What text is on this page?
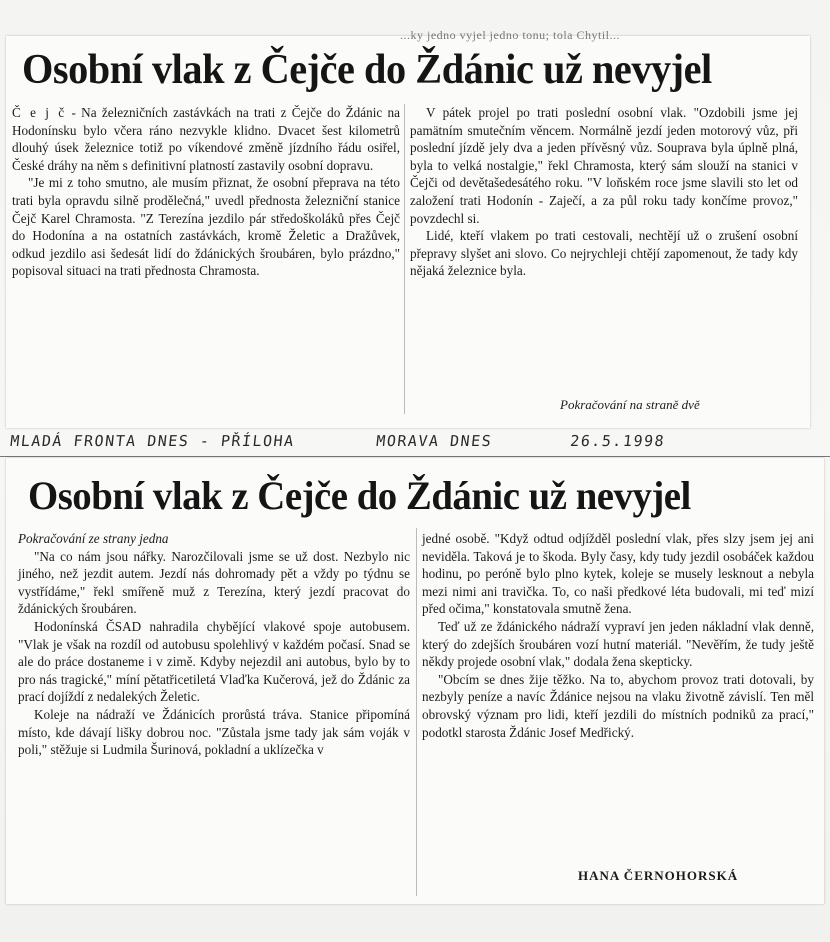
...ky jedno vyjel jedno tonu; tola Chytil...
Osobní vlak z Čejče do Ždánic už nevyjel

Č e j č - Na železničních zastávkách na trati z Čejče do Ždánic na Hodonínsku bylo včera ráno nezvykle klidno. Dvacet šest kilometrů dlouhý úsek železnice totiž po víkendové změně jízdního řádu osiřel, České dráhy na něm s definitivní platností zastavily osobní dopravu.

"Je mi z toho smutno, ale musím přiznat, že osobní přeprava na této trati byla opravdu silně prodělečná," uvedl přednosta železniční stanice Čejč Karel Chramosta. "Z Terezína jezdilo pár středoškoláků přes Čejč do Hodonína a na ostatních zastávkách, kromě Želetic a Dražůvek, odkud jezdilo asi šedesát lidí do ždánických šroubáren, bylo prázdno," popisoval situaci na trati přednosta Chramosta.

V pátek projel po trati poslední osobní vlak. "Ozdobili jsme jej pamätním smutečním věncem. Normálně jezdí jeden motorový vůz, při poslední jízdě jely dva a jeden přívěsný vůz. Souprava byla úplně plná, byla to velká nostalgie," řekl Chramosta, který sám slouží na stanici v Čejči od devětašedesátého roku. "V loňském roce jsme slavili sto let od založení trati Hodonín - Zaječí, a za půl roku tady končíme provoz," povzdechl si.

Lidé, kteří vlakem po trati cestovali, nechtějí už o zrušení osobní přepravy slyšet ani slovo. Co nejrychleji chtějí zapomenout, že tady kdy nějaká železnice byla.

Pokračování na straně dvě
MLADÁ FRONTA DNES - PŘÍLOHA	MORAVA DNES	26.5.1998
Osobní vlak z Čejče do Ždánic už nevyjel

Pokračování ze strany jedna

"Na co nám jsou nářky. Narozčilovali jsme se už dost. Nezbylo nic jiného, než jezdit autem. Jezdí nás dohromady pět a vždy po týdnu se vystřídáme," řekl smířeně muž z Terezína, který jezdí pracovat do ždánických šroubáren.

Hodonínská ČSAD nahradila chybějící vlakové spoje autobusem. "Vlak je však na rozdíl od autobusu spolehlivý v každém počasí. Snad se ale do práce dostaneme i v zimě. Kdyby nejezdil ani autobus, bylo by to pro nás tragické," míní pětatřicetiletá Vlaďka Kučerová, jež do Ždánic za prací dojíždí z nedalekých Želetic.

Koleje na nádraží ve Ždánicích prorůstá tráva. Stanice připomíná místo, kde dávají lišky dobrou noc. "Zůstala jsme tady jak sám voják v poli," stěžuje si Ludmila Šurinová, pokladní a uklízečka v

jedné osobě. "Když odtud odjížděl poslední vlak, přes slzy jsem jej ani neviděla. Taková je to škoda. Byly časy, kdy tudy jezdil osobáček každou hodinu, po peróně bylo plno kytek, koleje se musely lesknout a nebyla mezi nimi ani travička. To, co naši předkové léta budovali, mi teď mizí před očima," konstatovala smutně žena.

Teď už ze ždánického nádraží vypraví jen jeden nákladní vlak denně, který do zdejších šroubáren vozí hutní materiál. "Nevěřím, že tudy ještě někdy projede osobní vlak," dodala žena skepticky.

"Obcím se dnes žije těžko. Na to, abychom provoz trati dotovali, by nezbyly peníze a navíc Ždánice nejsou na vlaku životně závislí. Ten měl obrovský význam pro lidi, kteří jezdili do místních podniků za prací," podotkl starosta Ždánic Josef Medřický.

HANA ČERNOHORSKÁ
